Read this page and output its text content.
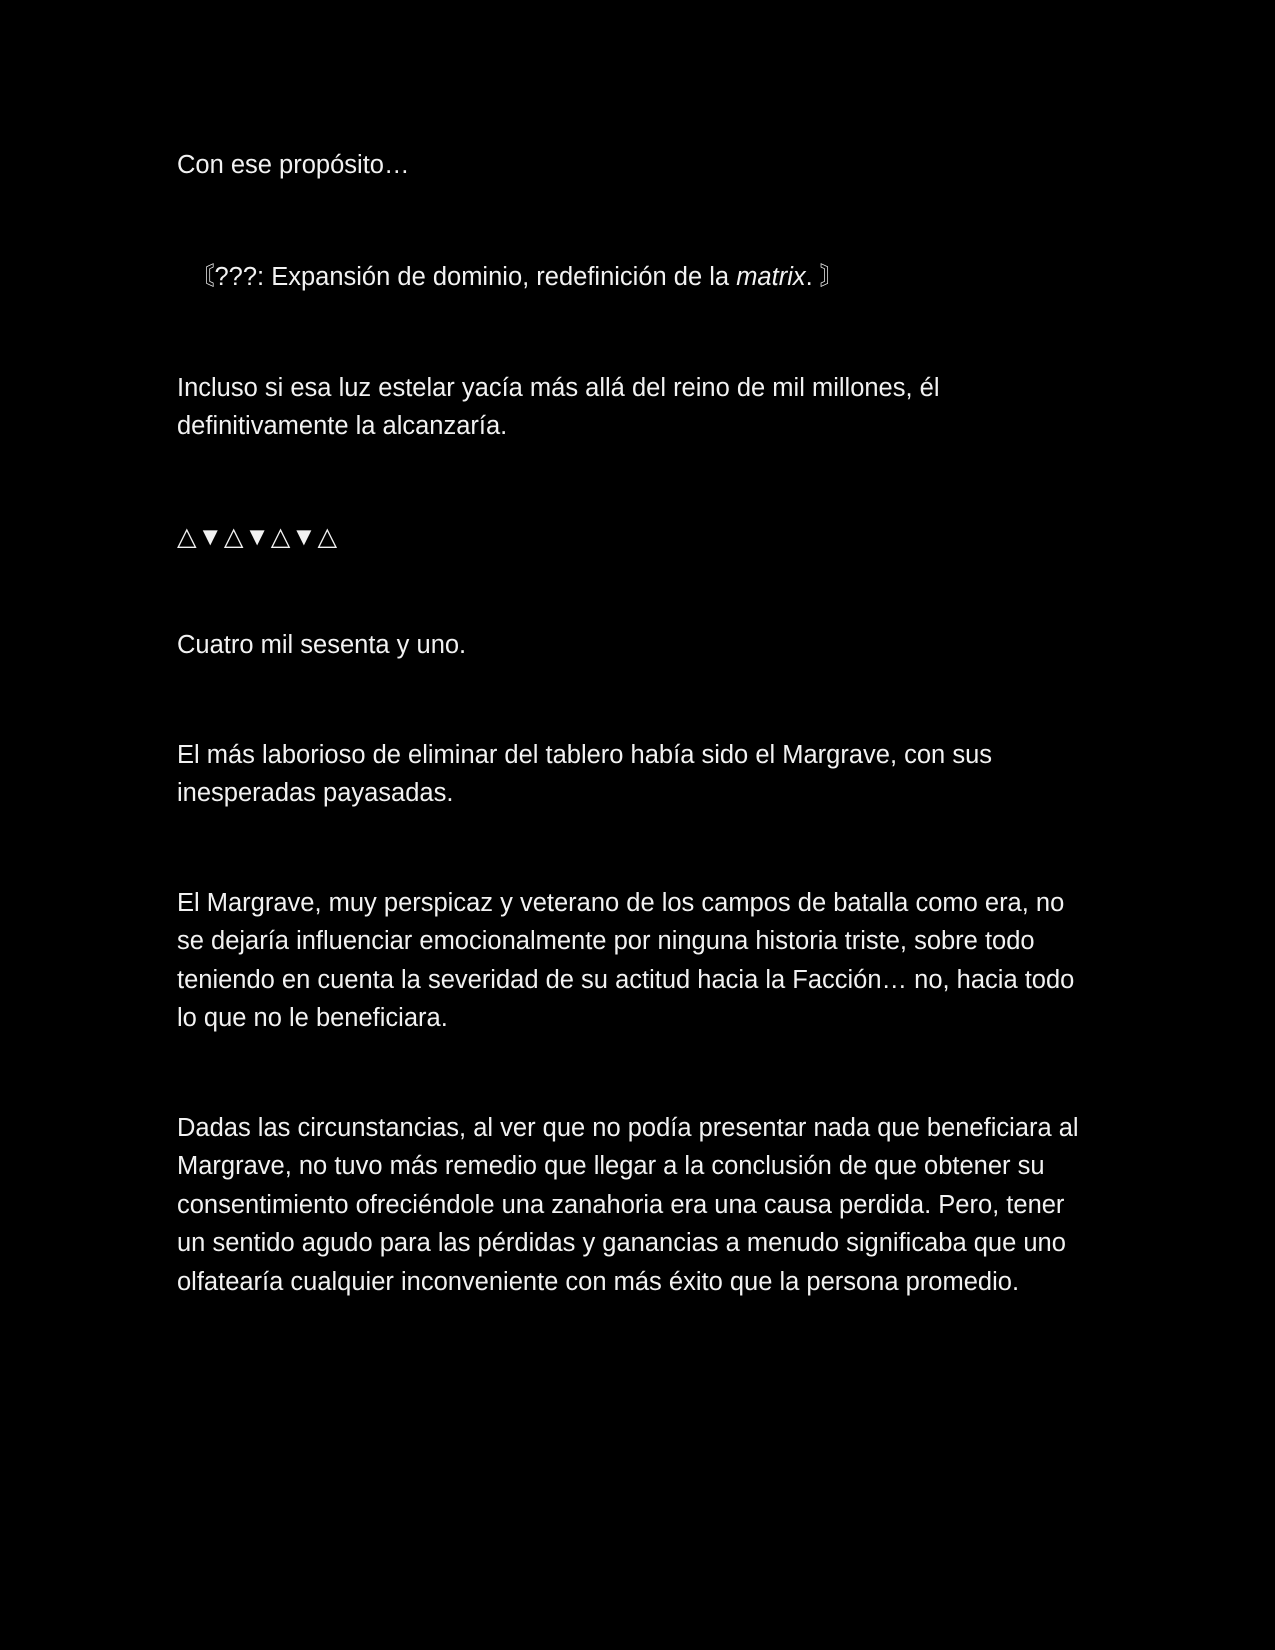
Con ese propósito…

〘???: Expansión de dominio, redefinición de la matrix. 〙

Incluso si esa luz estelar yacía más allá del reino de mil millones, él definitivamente la alcanzaría.

△▼△▼△▼△

Cuatro mil sesenta y uno.

El más laborioso de eliminar del tablero había sido el Margrave, con sus inesperadas payasadas.

El Margrave, muy perspicaz y veterano de los campos de batalla como era, no se dejaría influenciar emocionalmente por ninguna historia triste, sobre todo teniendo en cuenta la severidad de su actitud hacia la Facción… no, hacia todo lo que no le beneficiara.

Dadas las circunstancias, al ver que no podía presentar nada que beneficiara al Margrave, no tuvo más remedio que llegar a la conclusión de que obtener su consentimiento ofreciéndole una zanahoria era una causa perdida. Pero, tener un sentido agudo para las pérdidas y ganancias a menudo significaba que uno olfatearía cualquier inconveniente con más éxito que la persona promedio.
